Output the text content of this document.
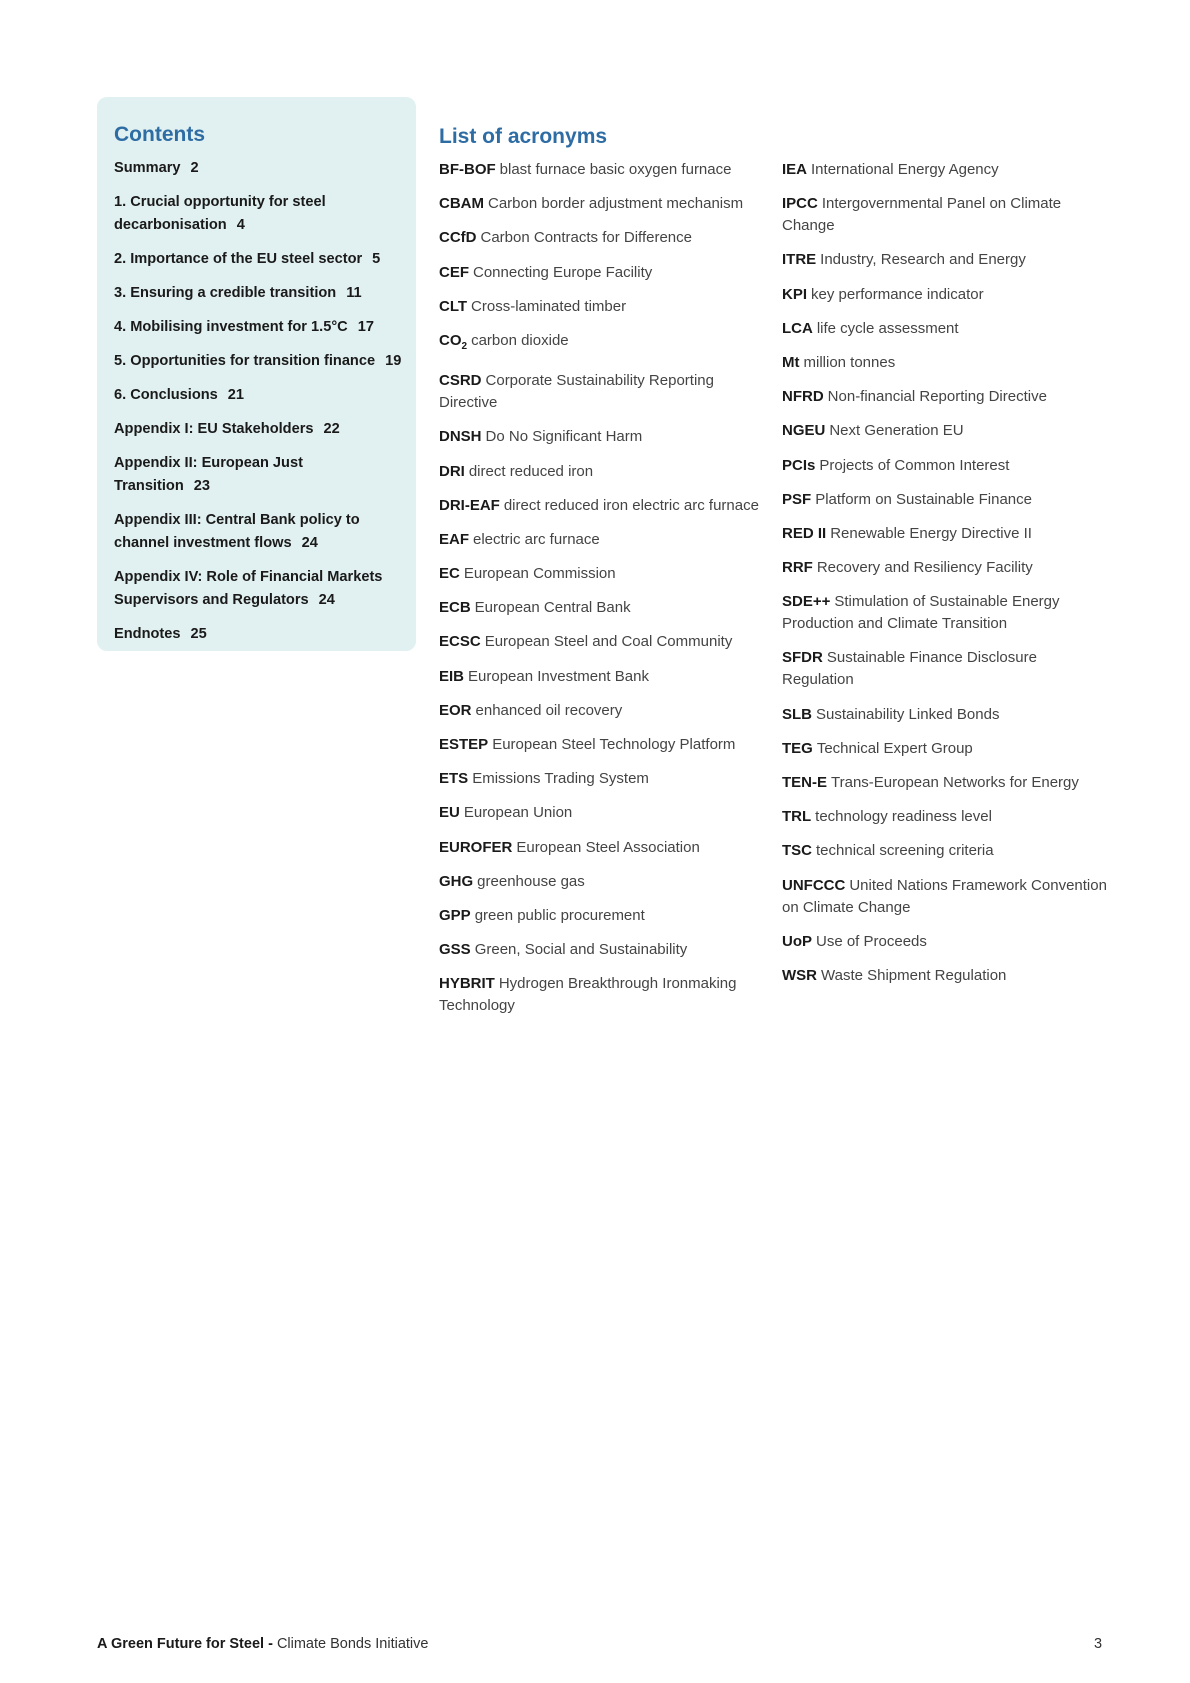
Contents
Summary 2
1. Crucial opportunity for steel decarbonisation 4
2. Importance of the EU steel sector 5
3. Ensuring a credible transition 11
4. Mobilising investment for 1.5°C 17
5. Opportunities for transition finance 19
6. Conclusions 21
Appendix I: EU Stakeholders 22
Appendix II: European Just Transition 23
Appendix III: Central Bank policy to channel investment flows 24
Appendix IV: Role of Financial Markets Supervisors and Regulators 24
Endnotes 25
List of acronyms
BF-BOF blast furnace basic oxygen furnace
CBAM Carbon border adjustment mechanism
CCfD Carbon Contracts for Difference
CEF Connecting Europe Facility
CLT Cross-laminated timber
$CO_2$ carbon dioxide
CSRD Corporate Sustainability Reporting Directive
DNSH Do No Significant Harm
DRI direct reduced iron
DRI-EAF direct reduced iron electric arc furnace
EAF electric arc furnace
EC European Commission
ECB European Central Bank
ECSC European Steel and Coal Community
EIB European Investment Bank
EOR enhanced oil recovery
ESTEP European Steel Technology Platform
ETS Emissions Trading System
EU European Union
EUROFER European Steel Association
GHG greenhouse gas
GPP green public procurement
GSS Green, Social and Sustainability
HYBRIT Hydrogen Breakthrough Ironmaking Technology
IEA International Energy Agency
IPCC Intergovernmental Panel on Climate Change
ITRE Industry, Research and Energy
KPI key performance indicator
LCA life cycle assessment
Mt million tonnes
NFRD Non-financial Reporting Directive
NGEU Next Generation EU
PCIs Projects of Common Interest
PSF Platform on Sustainable Finance
RED II Renewable Energy Directive II
RRF Recovery and Resiliency Facility
SDE++ Stimulation of Sustainable Energy Production and Climate Transition
SFDR Sustainable Finance Disclosure Regulation
SLB Sustainability Linked Bonds
TEG Technical Expert Group
TEN-E Trans-European Networks for Energy
TRL technology readiness level
TSC technical screening criteria
UNFCCC United Nations Framework Convention on Climate Change
UoP Use of Proceeds
WSR Waste Shipment Regulation
A Green Future for Steel - Climate Bonds Initiative	3
